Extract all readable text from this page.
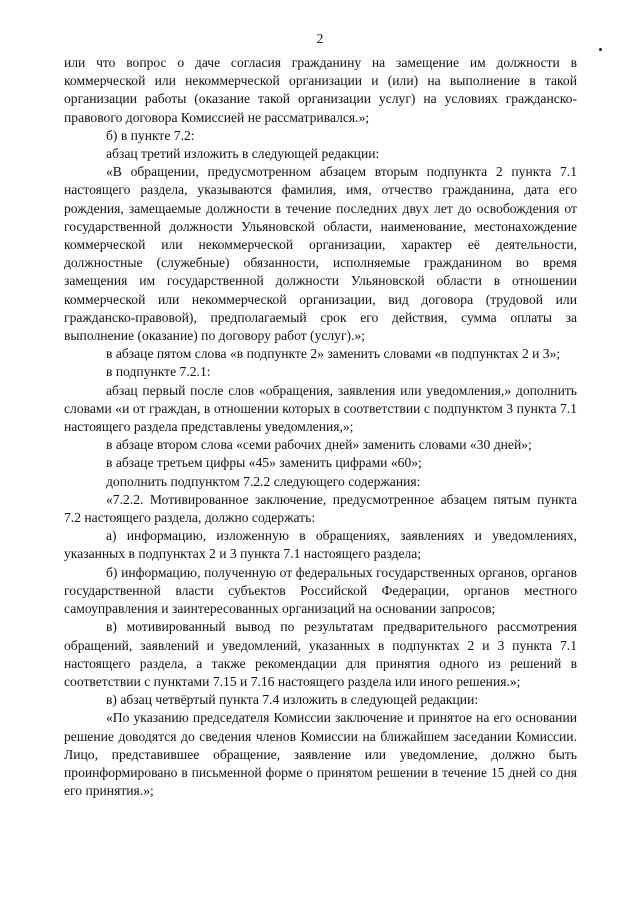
2

или что вопрос о даче согласия гражданину на замещение им должности в коммерческой или некоммерческой организации и (или) на выполнение в такой организации работы (оказание такой организации услуг) на условиях гражданско-правового договора Комиссией не рассматривался.»;

б) в пункте 7.2:

абзац третий изложить в следующей редакции:

«В обращении, предусмотренном абзацем вторым подпункта 2 пункта 7.1 настоящего раздела, указываются фамилия, имя, отчество гражданина, дата его рождения, замещаемые должности в течение последних двух лет до освобождения от государственной должности Ульяновской области, наименование, местонахождение коммерческой или некоммерческой организации, характер её деятельности, должностные (служебные) обязанности, исполняемые гражданином во время замещения им государственной должности Ульяновской области в отношении коммерческой или некоммерческой организации, вид договора (трудовой или гражданско-правовой), предполагаемый срок его действия, сумма оплаты за выполнение (оказание) по договору работ (услуг).»;

в абзаце пятом слова «в подпункте 2» заменить словами «в подпунктах 2 и 3»;

в подпункте 7.2.1:

абзац первый после слов «обращения, заявления или уведомления,» дополнить словами «и от граждан, в отношении которых в соответствии с подпунктом 3 пункта 7.1 настоящего раздела представлены уведомления,»;

в абзаце втором слова «семи рабочих дней» заменить словами «30 дней»;

в абзаце третьем цифры «45» заменить цифрами «60»;

дополнить подпунктом 7.2.2 следующего содержания:

«7.2.2. Мотивированное заключение, предусмотренное абзацем пятым пункта 7.2 настоящего раздела, должно содержать:

а) информацию, изложенную в обращениях, заявлениях и уведомлениях, указанных в подпунктах 2 и 3 пункта 7.1 настоящего раздела;

б) информацию, полученную от федеральных государственных органов, органов государственной власти субъектов Российской Федерации, органов местного самоуправления и заинтересованных организаций на основании запросов;

в) мотивированный вывод по результатам предварительного рассмотрения обращений, заявлений и уведомлений, указанных в подпунктах 2 и 3 пункта 7.1 настоящего раздела, а также рекомендации для принятия одного из решений в соответствии с пунктами 7.15 и 7.16 настоящего раздела или иного решения.»;

в) абзац четвёртый пункта 7.4 изложить в следующей редакции:

«По указанию председателя Комиссии заключение и принятое на его основании решение доводятся до сведения членов Комиссии на ближайшем заседании Комиссии. Лицо, представившее обращение, заявление или уведомление, должно быть проинформировано в письменной форме о принятом решении в течение 15 дней со дня его принятия.»;
